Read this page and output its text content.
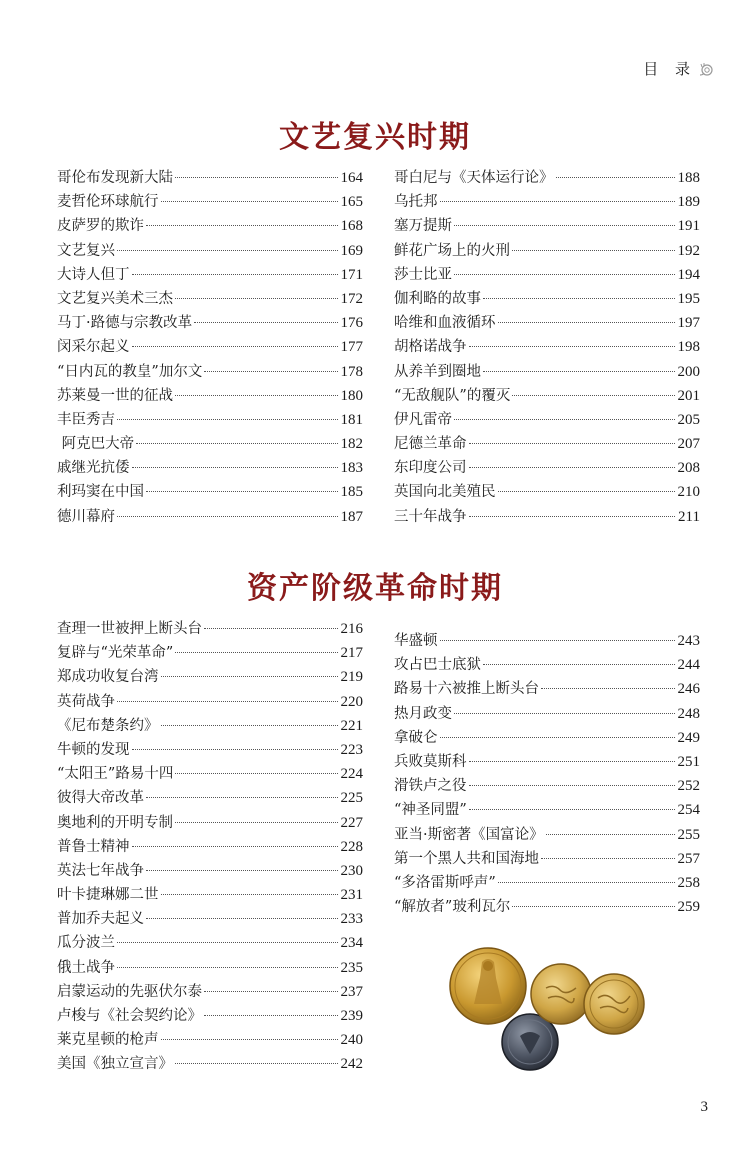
目 录
文艺复兴时期
哥伦布发现新大陆	164
麦哲伦环球航行	165
皮萨罗的欺诈	168
文艺复兴	169
大诗人但丁	171
文艺复兴美术三杰	172
马丁·路德与宗教改革	176
闵采尔起义	177
“日内瓦的教皇”加尔文	178
苏莱曼一世的征战	180
丰臣秀吉	181
阿克巴大帝	182
戚继光抗倭	183
利玛窦在中国	185
德川幕府	187
哥白尼与《天体运行论》	188
乌托邦	189
塞万提斯	191
鲜花广场上的火刑	192
莎士比亚	194
伽利略的故事	195
哈维和血液循环	197
胡格诺战争	198
从养羊到圈地	200
“无敌舰队”的覆灭	201
伊凡雷帝	205
尼德兰革命	207
东印度公司	208
英国向北美殖民	210
三十年战争	211
资产阶级革命时期
查理一世被押上断头台	216
复辟与“光荣革命”	217
郑成功收复台湾	219
英荷战争	220
《尼布楚条约》	221
牛顿的发现	223
“太阳王”路易十四	224
彼得大帝改革	225
奥地利的开明专制	227
普鲁士精神	228
英法七年战争	230
叶卡捷琳娜二世	231
普加乔夫起义	233
瓜分波兰	234
俄土战争	235
启蒙运动的先驱伏尔泰	237
卢梭与《社会契约论》	239
莱克星顿的枪声	240
美国《独立宣言》	242
华盛顿	243
攻占巴士底狱	244
路易十六被推上断头台	246
热月政变	248
拿破仑	249
兵败莫斯科	251
滑铁卢之役	252
“神圣同盟”	254
亚当·斯密著《国富论》	255
第一个黑人共和国海地	257
“多洛雷斯呼声”	258
“解放者”玻利瓦尔	259
3
